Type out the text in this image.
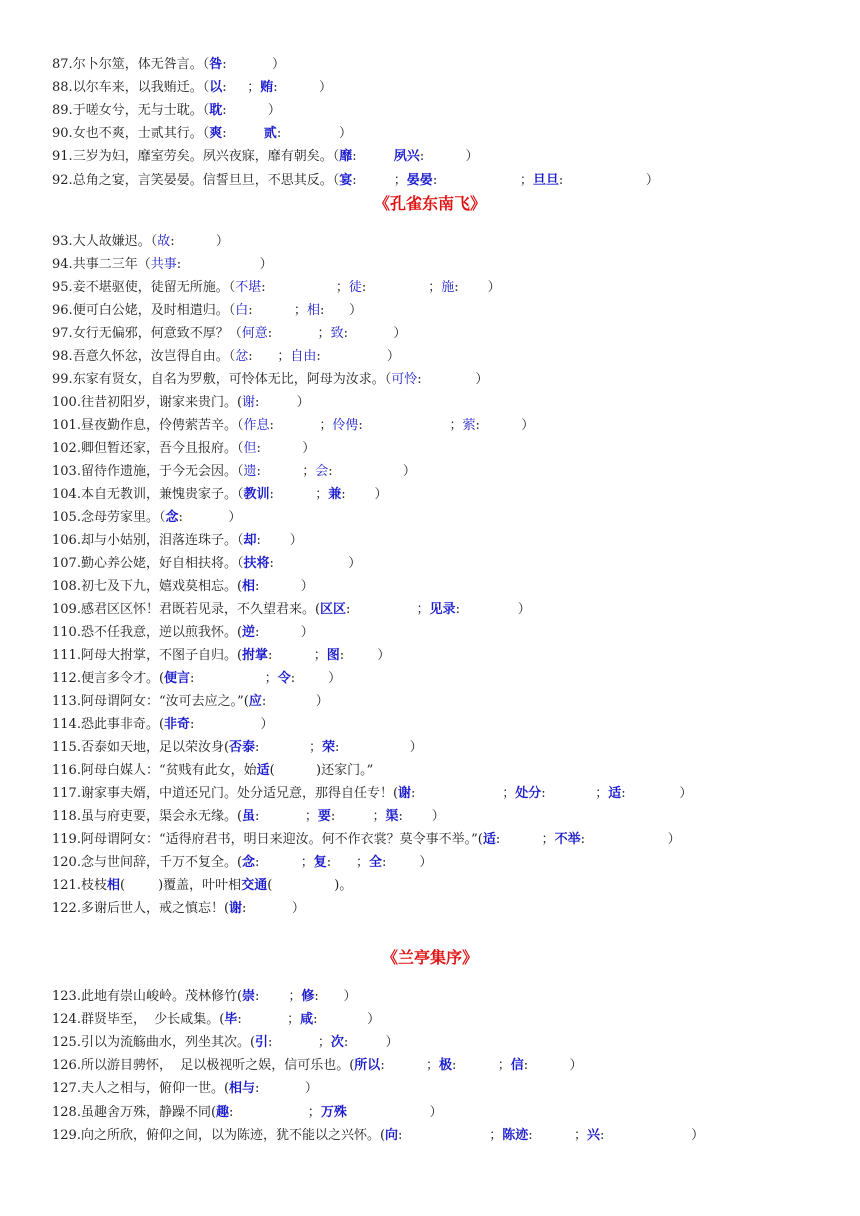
87.尔卜尔筮，体无咎言。（咎:           ）
88.以尔车来，以我贿迁。（以:     ；贿:          ）
89.于嗟女兮，无与士耽。（耽:          ）
90.女也不爽，士贰其行。（爽:         贰:              ）
91.三岁为妇，靡室劳矣。夙兴夜寐，靡有朝矣。（靡:         夙兴:          ）
92.总角之宴，言笑晏晏。信誓旦旦，不思其反。（宴:         ；晏晏:                    ；旦旦:                    ）
《孔雀东南飞》
93.大人故嫌迟。（故:          ）
94.共事二三年（共事:                   ）
95.妾不堪驱使，徒留无所施。（不堪:                 ；徒:               ；施:       ）
96.便可白公姥，及时相遣归。（白:          ；相:      ）
97.女行无偏邪，何意致不厚？（何意:           ；致:           ）
98.吾意久怀忿，汝岂得自由。（忿:      ；自由:                ）
99.东家有贤女，自名为罗敷，可怜体无比，阿母为汝求。（可怜:             ）
100.往昔初阳岁，谢家来贵门。(谢:         ）
101.昼夜勤作息，伶俜萦苦辛。（作息:           ；伶俜:                     ；萦:          ）
102.卿但暂还家，吾今且报府。（但:          ）
103.留待作遗施，于今无会因。（遗:          ；会:                 ）
104.本自无教训，兼愧贵家子。（教训:          ；兼:       ）
105.念母劳家里。（念:           ）
106.却与小姑别，泪落连珠子。（却:       ）
107.勤心养公姥，好自相扶将。（扶将:                  ）
108.初七及下九，嬉戏莫相忘。(相:          ）
109.感君区区怀！君既若见录，不久望君来。(区区:                ；见录:              ）
110.恐不任我意，逆以煎我怀。(逆:          ）
111.阿母大拊掌，不图子自归。(拊掌:          ；图:        ）
112.便言多令才。(便言:                 ；令:        ）
113.阿母谓阿女：“汝可去应之。”(应:            ）
114.恐此事非奇。(非奇:                ）
115.否泰如天地，足以荣汝身(否泰:            ；荣:                 ）
116.阿母白媒人：“贫贱有此女，始适(          )还家门。”
117.谢家事夫婿，中道还兄门。处分适兄意，那得自任专！(谢:                     ；处分:            ；适:             ）
118.虽与府吏要，渠会永无缘。(虽:           ；要:         ；渠:       ）
119.阿母谓阿女：“适得府君书，明日来迎汝。何不作衣裳？莫令事不举。”(适:          ；不举:                    ）
120.念与世间辞，千万不复全。(念:          ；复:      ；全:        ）
121.枝枝相(        )覆盖，叶叶相交通(               )。
122.多谢后世人，戒之慎忘！(谢:           ）
《兰亭集序》
123.此地有崇山峻岭。茂林修竹(崇:       ；修:      ）
124.群贤毕至，  少长咸集。(毕:           ；咸:            ）
125.引以为流觞曲水，列坐其次。(引:           ；次:         ）
126.所以游目骋怀，  足以极视听之娱，信可乐也。(所以:          ；极:          ；信:          ）
127.夫人之相与，俯仰一世。(相与:           ）
128.虽趣舍万殊，静躁不同(趣:                  ；万殊                    ）
129.向之所欣，俯仰之间，以为陈迹，犹不能以之兴怀。(向:                     ；陈迹:          ；兴:                     ）
